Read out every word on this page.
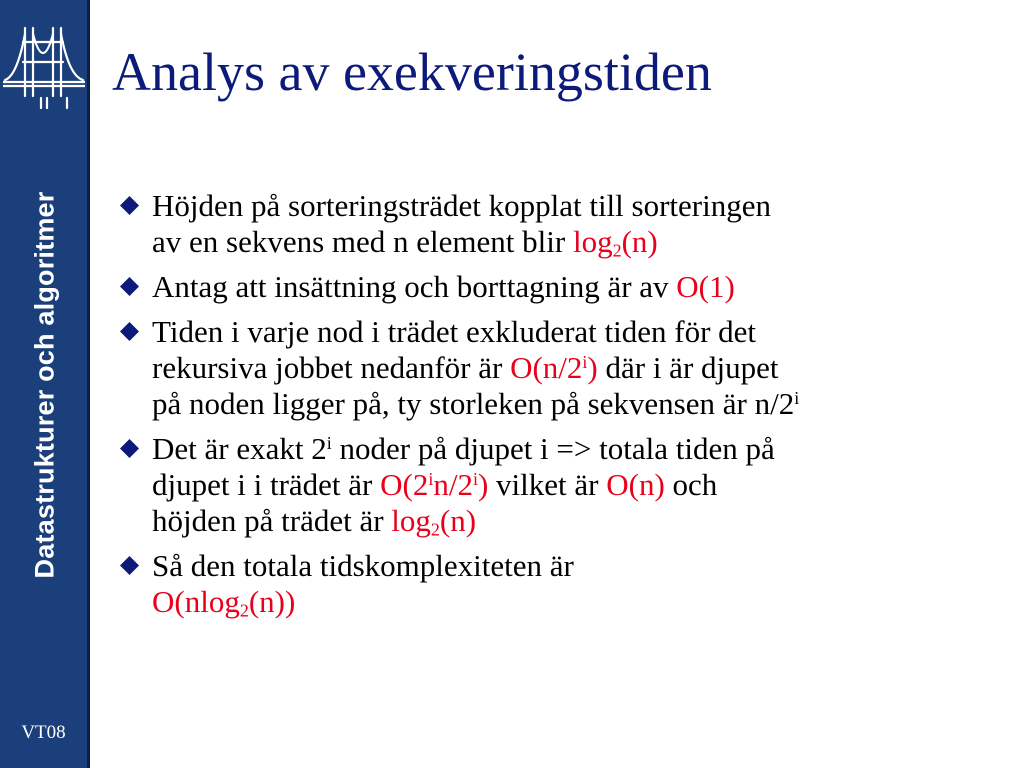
Datastrukturer och algoritmer
VT08
Analys av exekveringstiden
Höjden på sorteringsträdet kopplat till sorteringen
av en sekvens med n element blir $\log_2(n)$
Antag att insättning och borttagning är av O(1)
Tiden i varje nod i trädet exkluderat tiden för det
rekursiva jobbet nedanför är O(n/2$^i$) där i är djupet
på noden ligger på, ty storleken på sekvensen är n/2$^i$
Det är exakt 2$^i$ noder på djupet i => totala tiden på
djupet i i trädet är O(2$^i$n/2$^i$) vilket är O(n) och
höjden på trädet är $\log_2(n)$
Så den totala tidskomplexiteten är
O(nlog$_2$(n))
